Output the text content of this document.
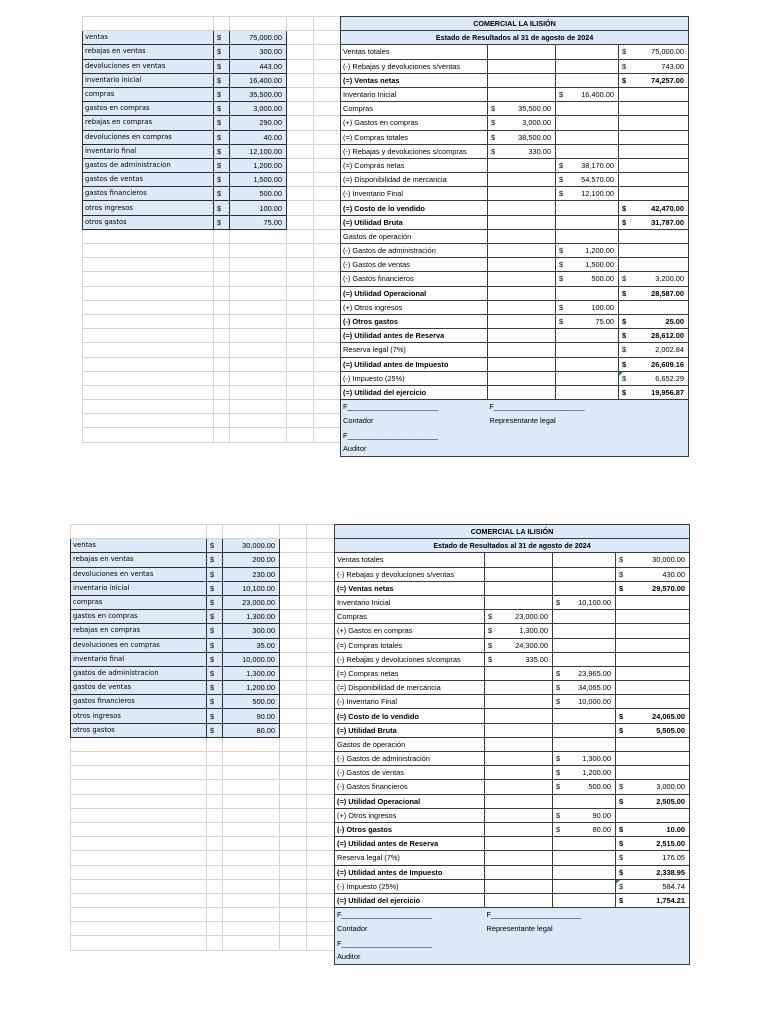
ventas	$	75,000.00		
rebajas en ventas	$	300.00		
devoluciones en ventas	$	443.00		
inventario inicial	$	16,400.00		
compras	$	35,500.00		
gastos en compras	$	3,000.00		
rebajas en compras	$	290.00		
devoluciones en compras	$	40.00		
inventario final	$	12,100.00		
gastos de administracion	$	1,200.00		
gastos de ventas	$	1,500.00		
gastos financieros	$	500.00		
otros ingresos	$	100.00		
otros gastos	$	75.00		

COMERCIAL LA ILISIÓN			
Estado de Resultados al 31 de agosto de 2024			
Ventas totales			$ 75,000.00

(-) Rebajas y devoluciones s/ventas			$ 743.00

(=) Ventas netas			$ 74,257.00

Inventario Inicial		$ 16,400.00	

Compras	$ 35,500.00		

(+) Gastos en compras	$ 3,000.00		

(=) Compras totales	$ 38,500.00		

(-) Rebajas y devoluciones s/compras	$ 330.00		

(=) Compras netas		$ 38,170.00	

(=) Disponibilidad de mercancia		$ 54,570.00	

(-) Inventario Final		$ 12,100.00	

(=) Costo de lo vendido			$ 42,470.00

(=) Utilidad Bruta			$ 31,787.00

Gastos de operación			
(-) Gastos de administración		$ 1,200.00	

(-) Gastos de ventas		$ 1,500.00	

(-) Gastos financieros		$ 500.00	$ 3,200.00

(=) Utilidad Operacional			$ 28,587.00

(+) Otros ingresos		$ 100.00	

(-) Otros gastos		$ 75.00	$ 25.00

(=) Utilidad antes de Reserva			$ 28,612.00

Reserva legal (7%)			$ 2,002.84

(=) Utilidad antes de Impuesto			$ 26,609.16

(-) Impuesto (25%)			$ 6,652.29

(=) Utilidad del ejercicio			$ 19,956.87

F______________________	F______________________		
Contador	Representante legal		
F______________________			
Auditor			

ventas	$	30,000.00		
rebajas en ventas	$	200.00		
devoluciones en ventas	$	230.00		
inventario inicial	$	10,100.00		
compras	$	23,000.00		
gastos en compras	$	1,300.00		
rebajas en compras	$	300.00		
devoluciones en compras	$	35.00		
inventario final	$	10,000.00		
gastos de administracion	$	1,300.00		
gastos de ventas	$	1,200.00		
gastos financieros	$	500.00		
otros ingresos	$	90.00		
otros gastos	$	80.00		

COMERCIAL LA ILISIÓN			
Estado de Resultados al 31 de agosto de 2024			
Ventas totales			$ 30,000.00

(-) Rebajas y devoluciones s/ventas			$ 430.00

(=) Ventas netas			$ 29,570.00

Inventario Inicial		$ 10,100.00	

Compras	$ 23,000.00		

(+) Gastos en compras	$ 1,300.00		

(=) Compras totales	$ 24,300.00		

(-) Rebajas y devoluciones s/compras	$ 335.00		

(=) Compras netas		$ 23,965.00	

(=) Disponibilidad de mercancia		$ 34,065.00	

(-) Inventario Final		$ 10,000.00	

(=) Costo de lo vendido			$ 24,065.00

(=) Utilidad Bruta			$ 5,505.00

Gastos de operación			
(-) Gastos de administración		$ 1,300.00	

(-) Gastos de ventas		$ 1,200.00	

(-) Gastos financieros		$ 500.00	$ 3,000.00

(=) Utilidad Operacional			$ 2,505.00

(+) Otros ingresos		$ 90.00	

(-) Otros gastos		$ 80.00	$ 10.00

(=) Utilidad antes de Reserva			$ 2,515.00

Reserva legal (7%)			$ 176.05

(=) Utilidad antes de Impuesto			$ 2,338.95

(-) Impuesto (25%)			$ 584.74

(=) Utilidad del ejercicio			$ 1,754.21

F______________________	F______________________		
Contador	Representante legal		
F______________________			
Auditor			
